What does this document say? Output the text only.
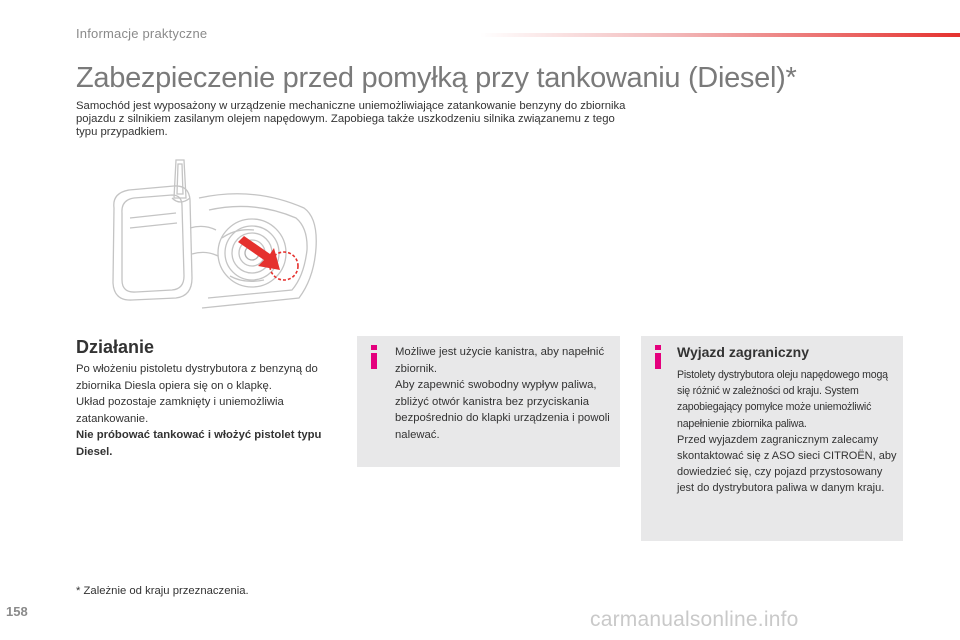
Informacje praktyczne
Zabezpieczenie przed pomyłką przy tankowaniu (Diesel)*
Samochód jest wyposażony w urządzenie mechaniczne uniemożliwiające zatankowanie benzyny do zbiornika pojazdu z silnikiem zasilanym olejem napędowym. Zapobiega także uszkodzeniu silnika związanemu z tego typu przypadkiem.
Działanie

Po włożeniu pistoletu dystrybutora z benzyną do zbiornika Diesla opiera się on o klapkę.

Układ pozostaje zamknięty i uniemożliwia zatankowanie.

Nie próbować tankować i włożyć pistolet typu Diesel.

Możliwe jest użycie kanistra, aby napełnić zbiornik.

Aby zapewnić swobodny wypływ paliwa, zbliżyć otwór kanistra bez przyciskania bezpośrednio do klapki urządzenia i powoli nalewać.

Wyjazd zagraniczny

Pistolety dystrybutora oleju napędowego mogą się różnić w zależności od kraju. System zapobiegający pomyłce może uniemożliwić napełnienie zbiornika paliwa.

Przed wyjazdem zagranicznym zalecamy skontaktować się z ASO sieci CITROËN, aby dowiedzieć się, czy pojazd przystosowany jest do dystrybutora paliwa w danym kraju.

* Zależnie od kraju przeznaczenia.
158	carmanualsonline.info
